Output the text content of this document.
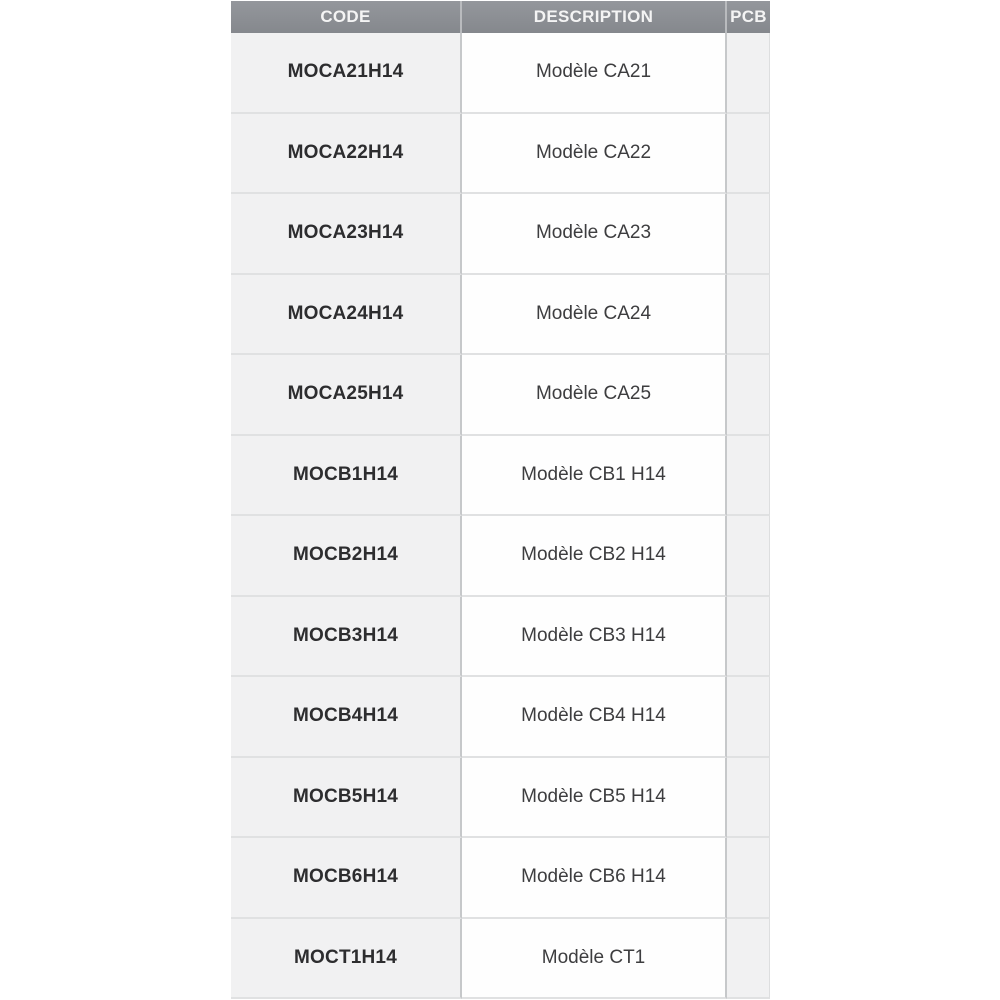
CODE	DESCRIPTION	PCB
MOCA21H14	Modèle CA21
MOCA22H14	Modèle CA22
MOCA23H14	Modèle CA23
MOCA24H14	Modèle CA24
MOCA25H14	Modèle CA25
MOCB1H14	Modèle CB1 H14
MOCB2H14	Modèle CB2 H14
MOCB3H14	Modèle CB3 H14
MOCB4H14	Modèle CB4 H14
MOCB5H14	Modèle CB5 H14
MOCB6H14	Modèle CB6 H14
MOCT1H14	Modèle CT1
